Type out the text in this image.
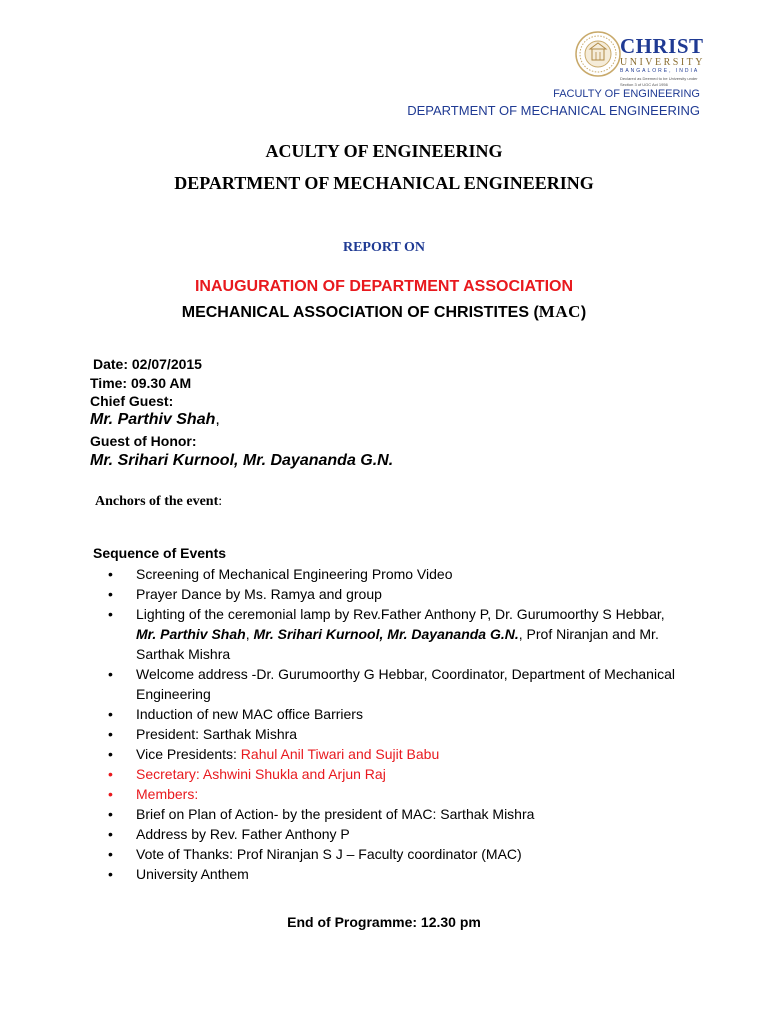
CHRIST
UNIVERSITY
BANGALORE, INDIA
Declared as Deemed to be University under Section 3 of UGC Act 1956
FACULTY OF ENGINEERING
DEPARTMENT OF MECHANICAL ENGINEERING
ACULTY OF ENGINEERING
DEPARTMENT OF MECHANICAL ENGINEERING
REPORT ON
INAUGURATION OF DEPARTMENT ASSOCIATION
MECHANICAL ASSOCIATION OF CHRISTITES (MAC)
Date: 02/07/2015
Time: 09.30 AM
Chief Guest:
Mr. Parthiv Shah,
Guest of Honor:
Mr. Srihari Kurnool, Mr. Dayananda G.N.
Anchors of the event:
Sequence of Events
•	Screening of Mechanical Engineering Promo Video
•	Prayer Dance by Ms. Ramya and group
•	Lighting of the ceremonial lamp by Rev.Father Anthony P, Dr. Gurumoorthy S Hebbar, Mr. Parthiv Shah, Mr. Srihari Kurnool, Mr. Dayananda G.N., Prof Niranjan and Mr. Sarthak Mishra
•	Welcome address -Dr. Gurumoorthy G Hebbar, Coordinator, Department of Mechanical Engineering
•	Induction of new MAC office Barriers
•	President: Sarthak Mishra
•	Vice Presidents: Rahul Anil Tiwari and Sujit Babu
•	Secretary: Ashwini Shukla and Arjun Raj
•	Members:
•	Brief on Plan of Action- by the president of MAC: Sarthak Mishra
•	Address by Rev. Father Anthony P
•	Vote of Thanks: Prof Niranjan S J – Faculty coordinator (MAC)
•	University Anthem
End of Programme: 12.30 pm
